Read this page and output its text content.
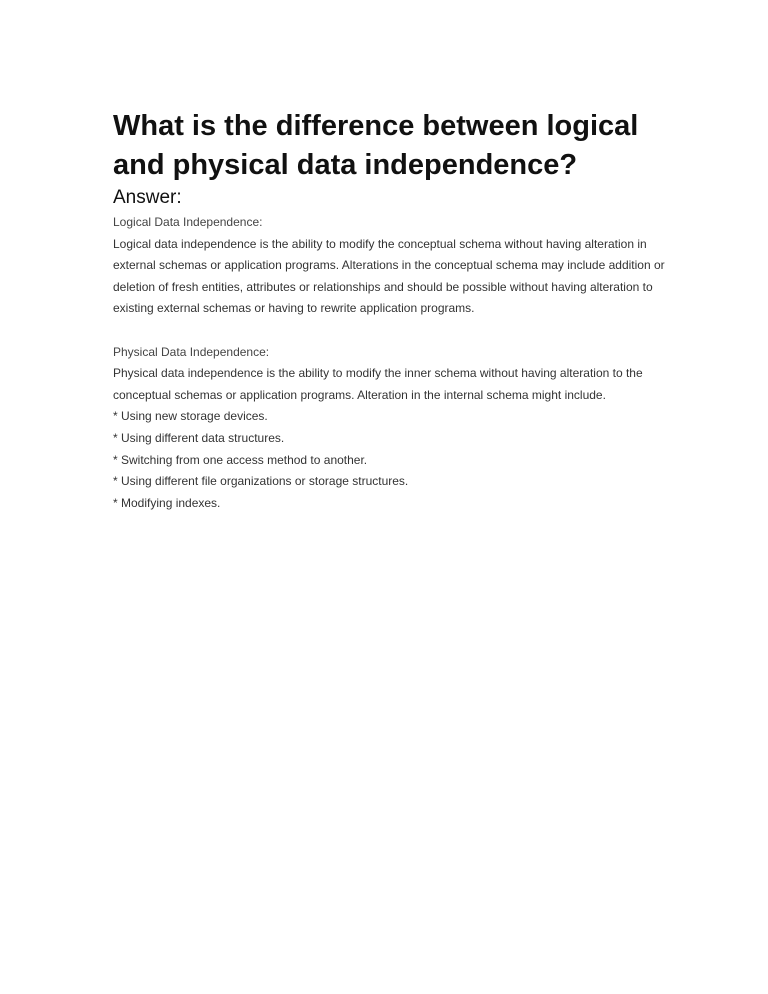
What is the difference between logical and physical data independence?
Answer:

Logical Data Independence:

Logical data independence is the ability to modify the conceptual schema without having alteration in external schemas or application programs. Alterations in the conceptual schema may include addition or deletion of fresh entities, attributes or relationships and should be possible without having alteration to existing external schemas or having to rewrite application programs.

Physical Data Independence:

Physical data independence is the ability to modify the inner schema without having alteration to the conceptual schemas or application programs. Alteration in the internal schema might include.

* Using new storage devices.
* Using different data structures.
* Switching from one access method to another.
* Using different file organizations or storage structures.
* Modifying indexes.
